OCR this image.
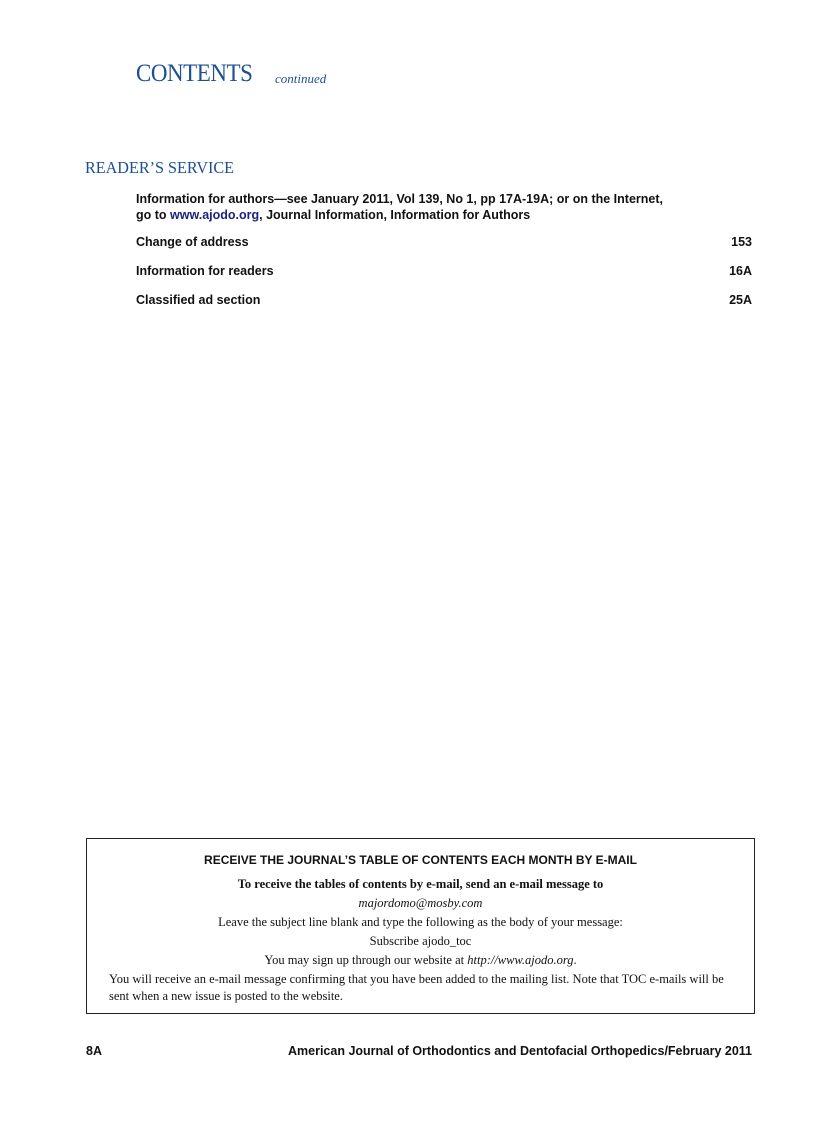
CONTENTS continued
READER’S SERVICE
Information for authors—see January 2011, Vol 139, No 1, pp 17A-19A; or on the Internet,
go to www.ajodo.org, Journal Information, Information for Authors
Change of address	153
Information for readers	16A
Classified ad section	25A
RECEIVE THE JOURNAL’S TABLE OF CONTENTS EACH MONTH BY E-MAIL
To receive the tables of contents by e-mail, send an e-mail message to
majordomo@mosby.com
Leave the subject line blank and type the following as the body of your message:
Subscribe ajodo_toc
You may sign up through our website at http://www.ajodo.org.
You will receive an e-mail message confirming that you have been added to the mailing list. Note that TOC e-mails will be sent when a new issue is posted to the website.
8A	American Journal of Orthodontics and Dentofacial Orthopedics/February 2011
